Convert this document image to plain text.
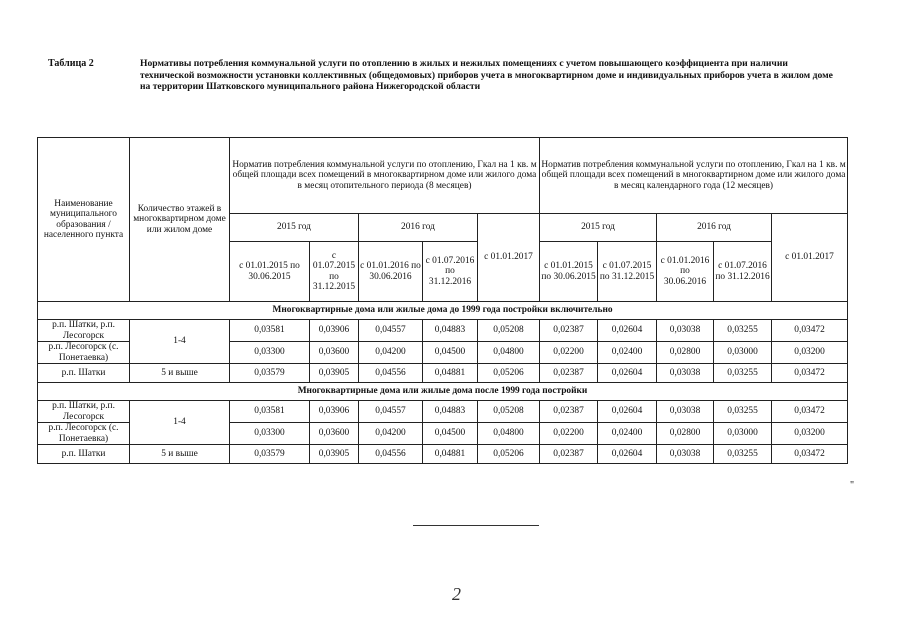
Таблица 2	Нормативы потребления коммунальной услуги по отоплению в жилых и нежилых помещениях с учетом повышающего коэффициента при наличии технической возможности установки коллективных (общедомовых) приборов учета в многоквартирном доме и индивидуальных приборов учета в жилом доме на территории Шатковского муниципального района Нижегородской области
Наименование муниципального образования / населенного пункта	Количество этажей в многоквартирном доме или жилом доме	Норматив потребления коммунальной услуги по отоплению, Гкал на 1 кв. м общей площади всех помещений в многоквартирном доме или жилого дома в месяц отопительного периода (8 месяцев)					Норматив потребления коммунальной услуги по отоплению, Гкал на 1 кв. м общей площади всех помещений в многоквартирном доме или жилого дома в месяц календарного года (12 месяцев)				
		2015 год		2016 год		с 01.01.2017	2015 год		2016 год		с 01.01.2017
		с 01.01.2015 по 30.06.2015	с 01.07.2015 по 31.12.2015	с 01.01.2016 по 30.06.2016	с 01.07.2016 по 31.12.2016		с 01.01.2015 по 30.06.2015	с 01.07.2015 по 31.12.2015	с 01.01.2016 по 30.06.2016	с 01.07.2016 по 31.12.2016	
Многоквартирные дома или жилые дома до 1999 года постройки включительно											
р.п. Шатки, р.п. Лесогорск	1-4	0,03581	0,03906	0,04557	0,04883	0,05208	0,02387	0,02604	0,03038	0,03255	0,03472
р.п. Лесогорск (с. Понетаевка)		0,03300	0,03600	0,04200	0,04500	0,04800	0,02200	0,02400	0,02800	0,03000	0,03200
р.п. Шатки	5 и выше	0,03579	0,03905	0,04556	0,04881	0,05206	0,02387	0,02604	0,03038	0,03255	0,03472
Многоквартирные дома или жилые дома после 1999 года постройки											
р.п. Шатки, р.п. Лесогорск	1-4	0,03581	0,03906	0,04557	0,04883	0,05208	0,02387	0,02604	0,03038	0,03255	0,03472
р.п. Лесогорск (с. Понетаевка)		0,03300	0,03600	0,04200	0,04500	0,04800	0,02200	0,02400	0,02800	0,03000	0,03200
р.п. Шатки	5 и выше	0,03579	0,03905	0,04556	0,04881	0,05206	0,02387	0,02604	0,03038	0,03255	0,03472
"
2
